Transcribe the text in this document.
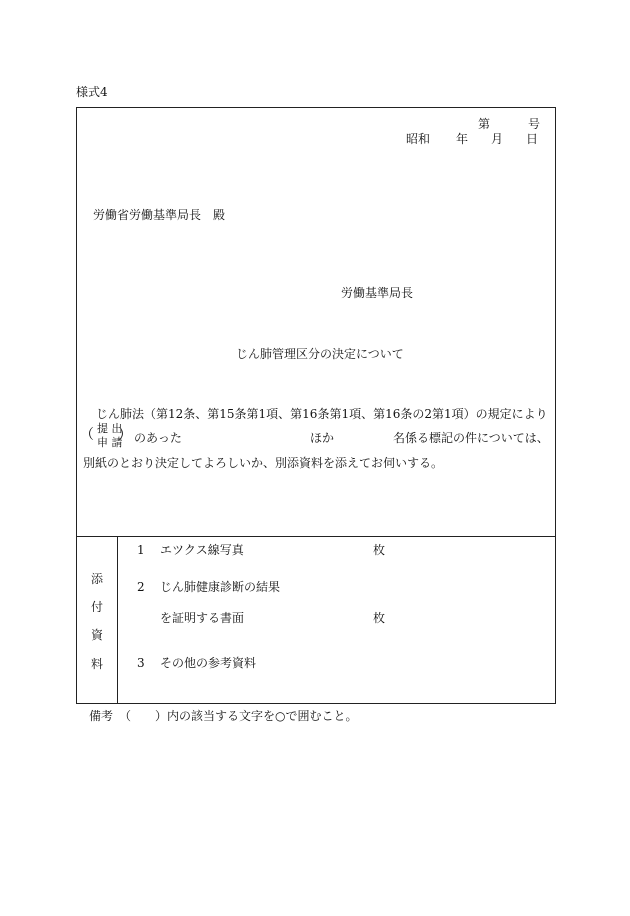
様式4
第	号
昭和 年 月 日
労働省労働基準局長　殿
労働基準局長
じん肺管理区分の決定について
じん肺法（第12条、第15条第1項、第16条第1項、第16条の2第1項）の規定により
（ 提 出
申 請
） のあった	ほか	名係る標記の件については、
別紙のとおり決定してよろしいか、別添資料を添えてお伺いする。
添
付
資
料
1 エツクス線写真	枚
2 じん肺健康診断の結果
を証明する書面	枚
3 その他の参考資料
備考　（　　）内の該当する文字を○で囲むこと。
